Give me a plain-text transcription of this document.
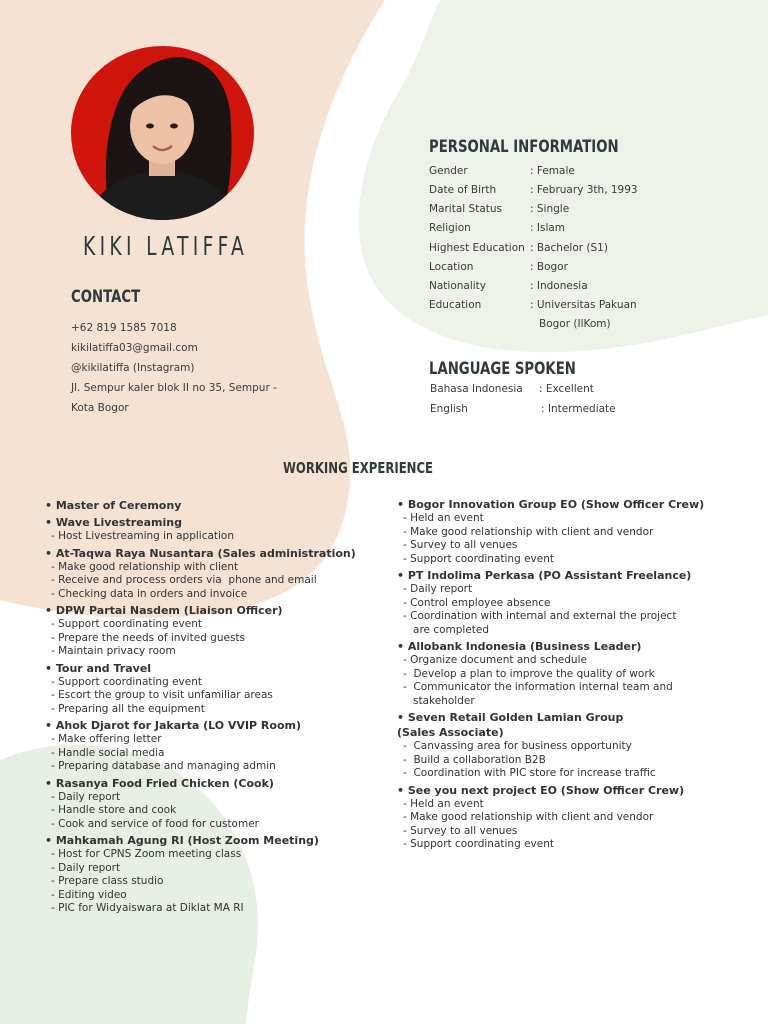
KIKI LATIFFA
CONTACT
+62 819 1585 7018
kikilatiffa03@gmail.com
@kikilatiffa (Instagram)
Jl. Sempur kaler blok II no 35, Sempur -
Kota Bogor
PERSONAL INFORMATION
Gender	: Female
Date of Birth	: February 3th, 1993
Marital Status	: Single
Religion	: Islam
Highest Education : Bachelor (S1)
Location	: Bogor
Nationality	: Indonesia
Education	: Universitas Pakuan
Bogor (IlKom)
LANGUAGE SPOKEN
Bahasa Indonesia : Excellent
English	: Intermediate
WORKING EXPERIENCE
• Master of Ceremony
• Wave Livestreaming
- Host Livestreaming in application
• At-Taqwa Raya Nusantara (Sales administration)
- Make good relationship with client
- Receive and process orders via  phone and email
- Checking data in orders and invoice
• DPW Partai Nasdem (Liaison Officer)
- Support coordinating event
- Prepare the needs of invited guests
- Maintain privacy room
• Tour and Travel
- Support coordinating event
- Escort the group to visit unfamiliar areas
- Preparing all the equipment
• Ahok Djarot for Jakarta (LO VVIP Room)
- Make offering letter
- Handle social media
- Preparing database and managing admin
• Rasanya Food Fried Chicken (Cook)
- Daily report
- Handle store and cook
- Cook and service of food for customer
• Mahkamah Agung RI (Host Zoom Meeting)
- Host for CPNS Zoom meeting class
- Daily report
- Prepare class studio
- Editing video
- PIC for Widyaiswara at Diklat MA RI
• Bogor Innovation Group EO (Show Officer Crew)
- Held an event
- Make good relationship with client and vendor
- Survey to all venues
- Support coordinating event
• PT Indolima Perkasa (PO Assistant Freelance)
- Daily report
- Control employee absence
- Coordination with internal and external the project
are completed
• Allobank Indonesia (Business Leader)
- Organize document and schedule
-  Develop a plan to improve the quality of work
-  Communicator the information internal team and
stakeholder
• Seven Retail Golden Lamian Group
(Sales Associate)
-  Canvassing area for business opportunity
-  Build a collaboration B2B
-  Coordination with PIC store for increase traffic
• See you next project EO (Show Officer Crew)
- Held an event
- Make good relationship with client and vendor
- Survey to all venues
- Support coordinating event
